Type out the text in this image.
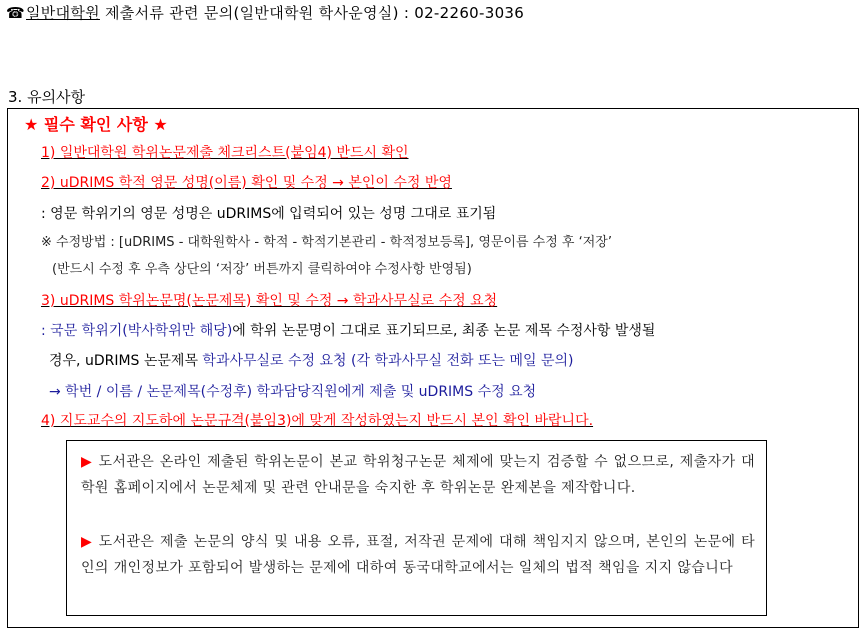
☎일반대학원 제출서류 관련 문의(일반대학원 학사운영실) : 02-2260-3036
3. 유의사항
★ 필수 확인 사항 ★
1) 일반대학원 학위논문제출 체크리스트(붙임4) 반드시 확인
2) uDRIMS 학적 영문 성명(이름) 확인 및 수정 → 본인이 수정 반영
: 영문 학위기의 영문 성명은 uDRIMS에 입력되어 있는 성명 그대로 표기됨
※ 수정방법 : [uDRIMS - 대학원학사 - 학적 - 학적기본관리 - 학적정보등록], 영문이름 수정 후 ‘저장’
(반드시 수정 후 우측 상단의 ‘저장’ 버튼까지 클릭하여야 수정사항 반영됨)
3) uDRIMS 학위논문명(논문제목) 확인 및 수정 → 학과사무실로 수정 요청
: 국문 학위기(박사학위만 해당)에 학위 논문명이 그대로 표기되므로, 최종 논문 제목 수정사항 발생될
경우, uDRIMS 논문제목 학과사무실로 수정 요청 (각 학과사무실 전화 또는 메일 문의)
→ 학번 / 이름 / 논문제목(수정후) 학과담당직원에게 제출 및 uDRIMS 수정 요청
4) 지도교수의 지도하에 논문규격(붙임3)에 맞게 작성하였는지 반드시 본인 확인 바랍니다.
▶ 도서관은 온라인 제출된 학위논문이 본교 학위청구논문 체제에 맞는지 검증할 수 없으므로, 제출자가 대학원 홈페이지에서 논문체제 및 관련 안내문을 숙지한 후 학위논문 완제본을 제작합니다.
▶ 도서관은 제출 논문의 양식 및 내용 오류, 표절, 저작권 문제에 대해 책임지지 않으며, 본인의 논문에 타인의 개인정보가 포함되어 발생하는 문제에 대하여 동국대학교에서는 일체의 법적 책임을 지지 않습니다
